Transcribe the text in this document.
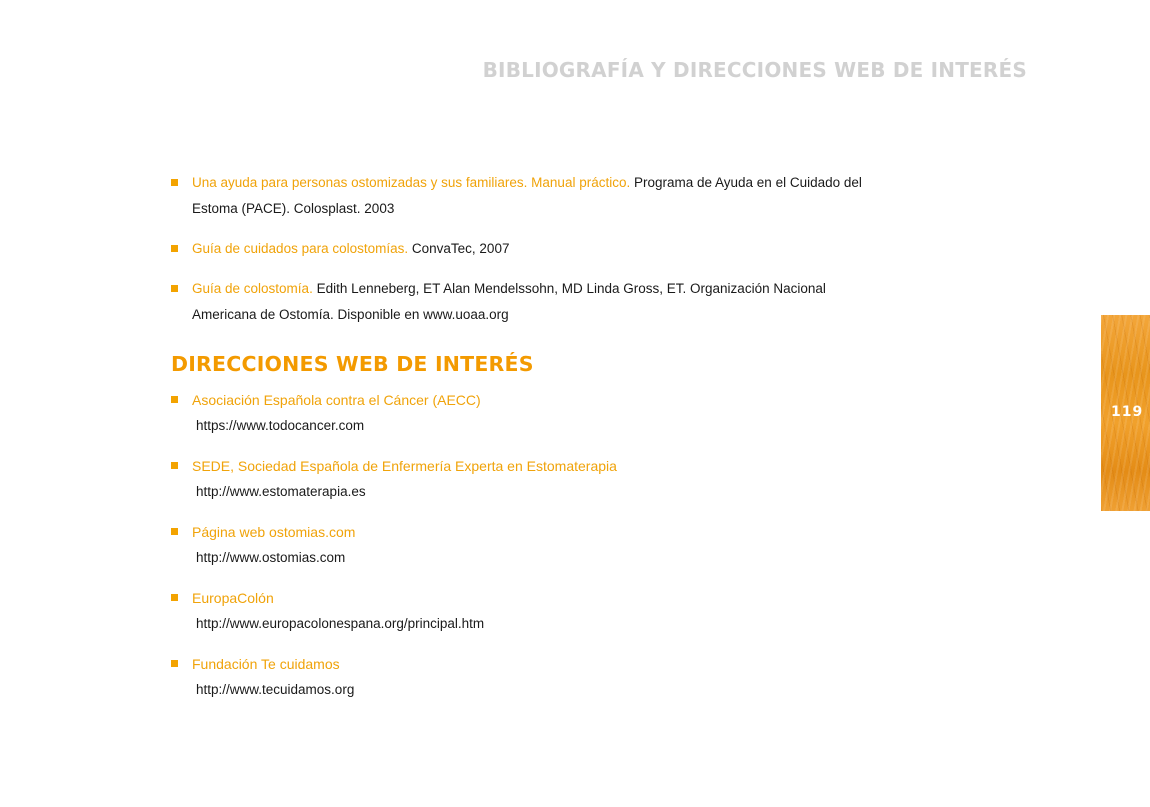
BIBLIOGRAFÍA Y DIRECCIONES WEB DE INTERÉS
Una ayuda para personas ostomizadas y sus familiares. Manual práctico. Programa de Ayuda en el Cuidado del Estoma (PACE). Colosplast. 2003
Guía de cuidados para colostomías. ConvaTec, 2007
Guía de colostomía. Edith Lenneberg, ET Alan Mendelssohn, MD Linda Gross, ET. Organización Nacional Americana de Ostomía. Disponible en www.uoaa.org
DIRECCIONES WEB DE INTERÉS
Asociación Española contra el Cáncer (AECC)
https://www.todocancer.com
SEDE, Sociedad Española de Enfermería Experta en Estomaterapia
http://www.estomaterapia.es
Página web ostomias.com
http://www.ostomias.com
EuropaColón
http://www.europacolonespana.org/principal.htm
Fundación Te cuidamos
http://www.tecuidamos.org
119
